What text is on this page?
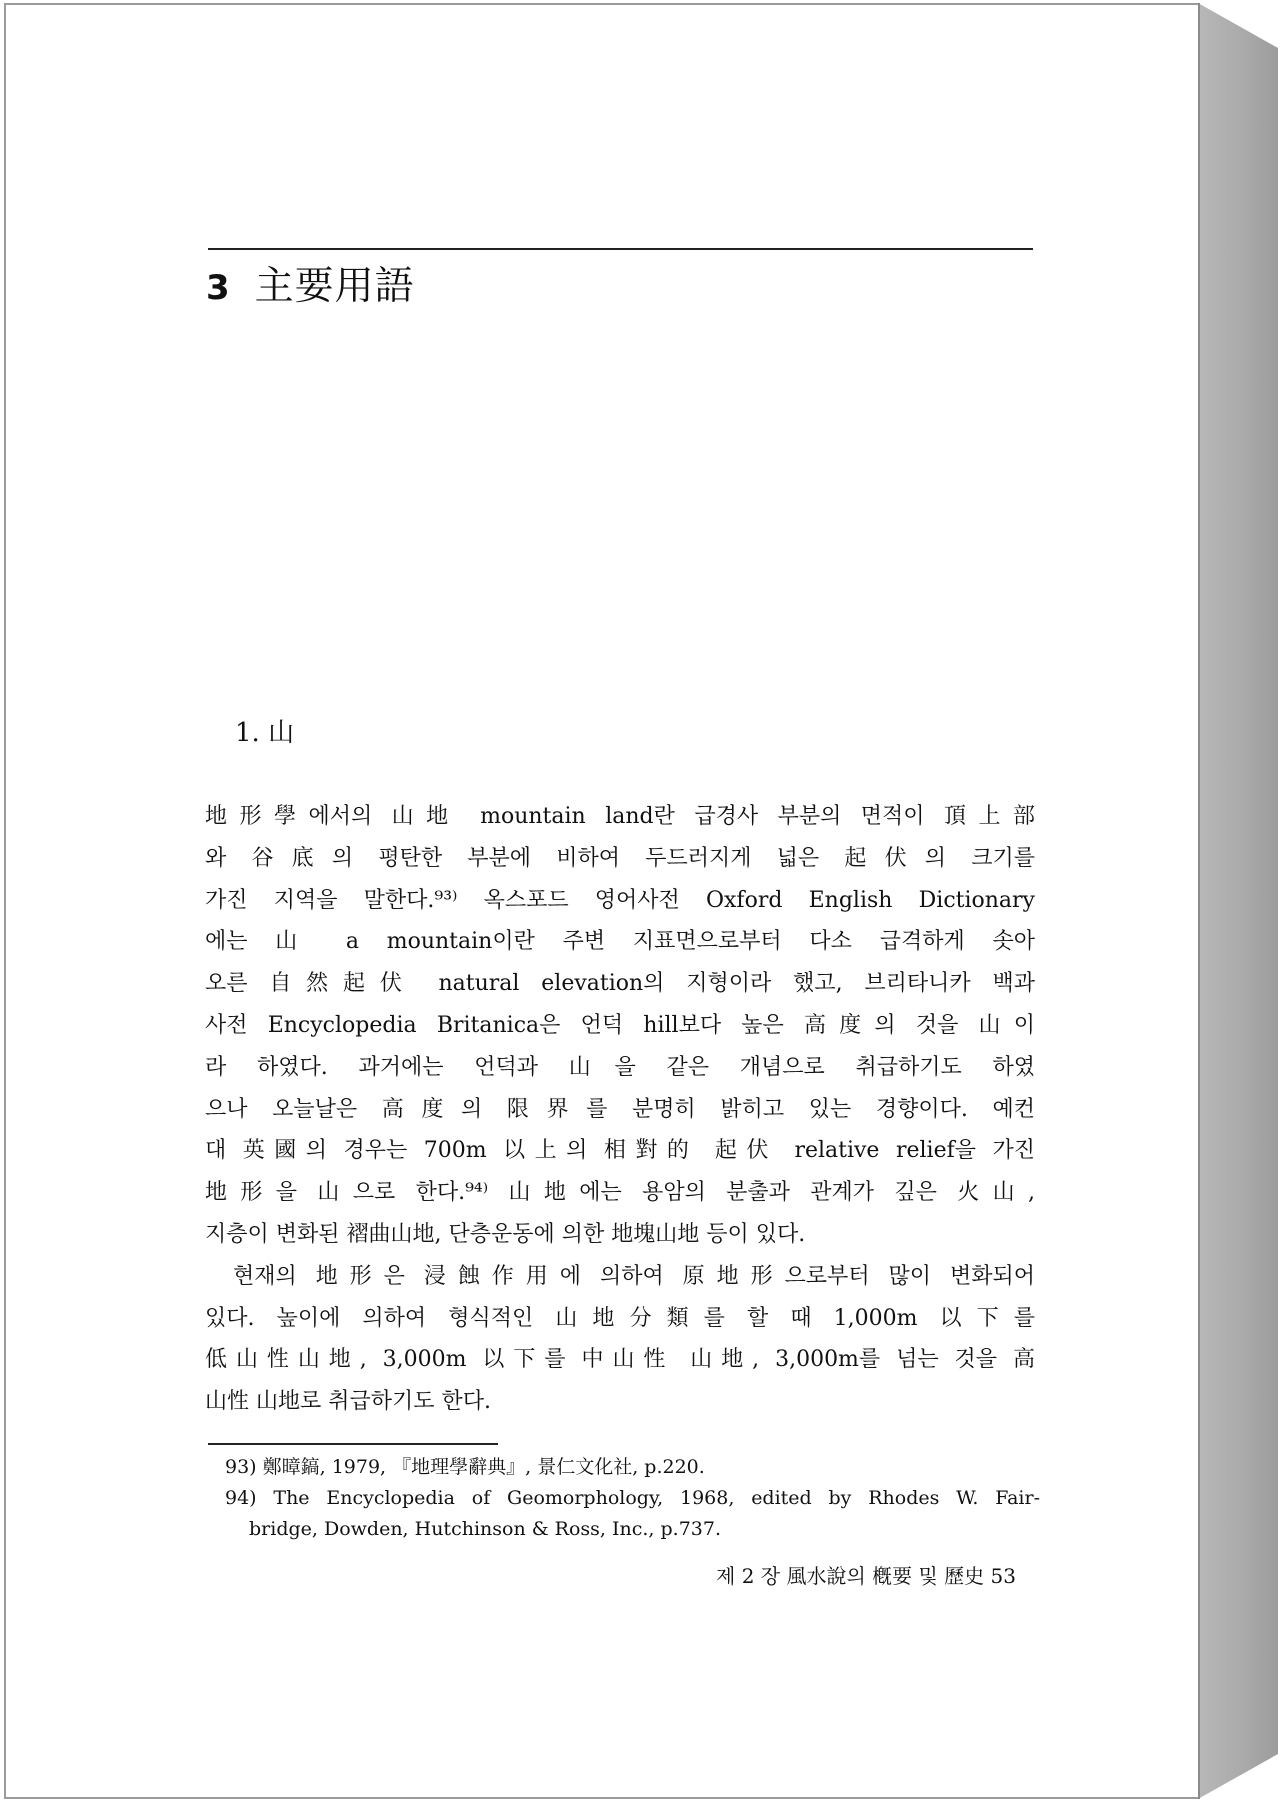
3 主要用語
1. 山
地形學에서의 山地 mountain land란 급경사 부분의 면적이 頂上部
와 谷底의 평탄한 부분에 비하여 두드러지게 넓은 起伏의 크기를
가진 지역을 말한다.⁹³⁾ 옥스포드 영어사전 Oxford English Dictionary
에는 山 a mountain이란 주변 지표면으로부터 다소 급격하게 솟아
오른 自然起伏 natural elevation의 지형이라 했고, 브리타니카 백과
사전 Encyclopedia Britanica은 언덕 hill보다 높은 高度의 것을 山이
라 하였다. 과거에는 언덕과 山을 같은 개념으로 취급하기도 하였
으나 오늘날은 高度의 限界를 분명히 밝히고 있는 경향이다. 예컨
대 英國의 경우는 700m 以上의 相對的 起伏 relative relief을 가진
地形을 山으로 한다.⁹⁴⁾ 山地에는 용암의 분출과 관계가 깊은 火山,
지층이 변화된 褶曲山地, 단층운동에 의한 地塊山地 등이 있다.
현재의 地形은 浸蝕作用에 의하여 原地形으로부터 많이 변화되어
있다. 높이에 의하여 형식적인 山地分類를 할 때 1,000m 以下를
低山性山地, 3,000m 以下를 中山性 山地, 3,000m를 넘는 것을 高
山性 山地로 취급하기도 한다.
93) 鄭暲鎬, 1979, 『地理學辭典』, 景仁文化社, p.220.
94) The Encyclopedia of Geomorphology, 1968, edited by Rhodes W. Fair-
bridge, Dowden, Hutchinson & Ross, Inc., p.737.
제 2 장 風水說의 槪要 및 歷史 53
